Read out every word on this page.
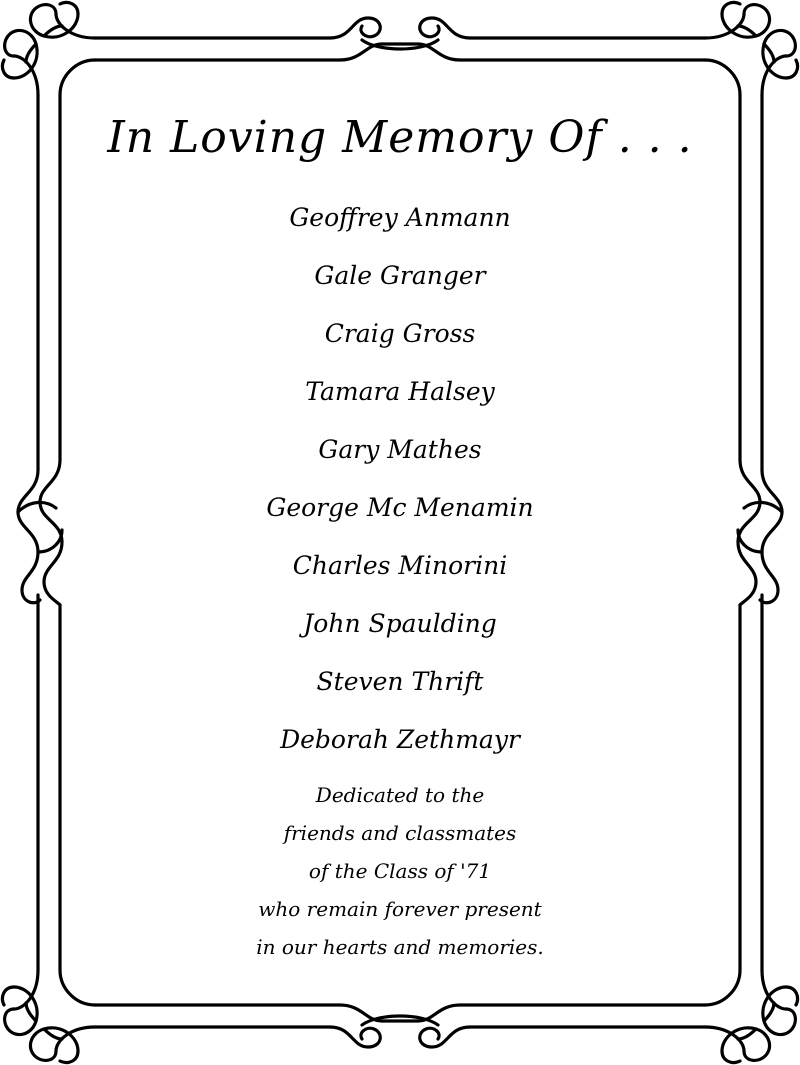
In Loving Memory Of . . .
Geoffrey Anmann
Gale Granger
Craig Gross
Tamara Halsey
Gary Mathes
George Mc Menamin
Charles Minorini
John Spaulding
Steven Thrift
Deborah Zethmayr
Dedicated to the
friends and classmates
of the Class of '71
who remain forever present
in our hearts and memories.
